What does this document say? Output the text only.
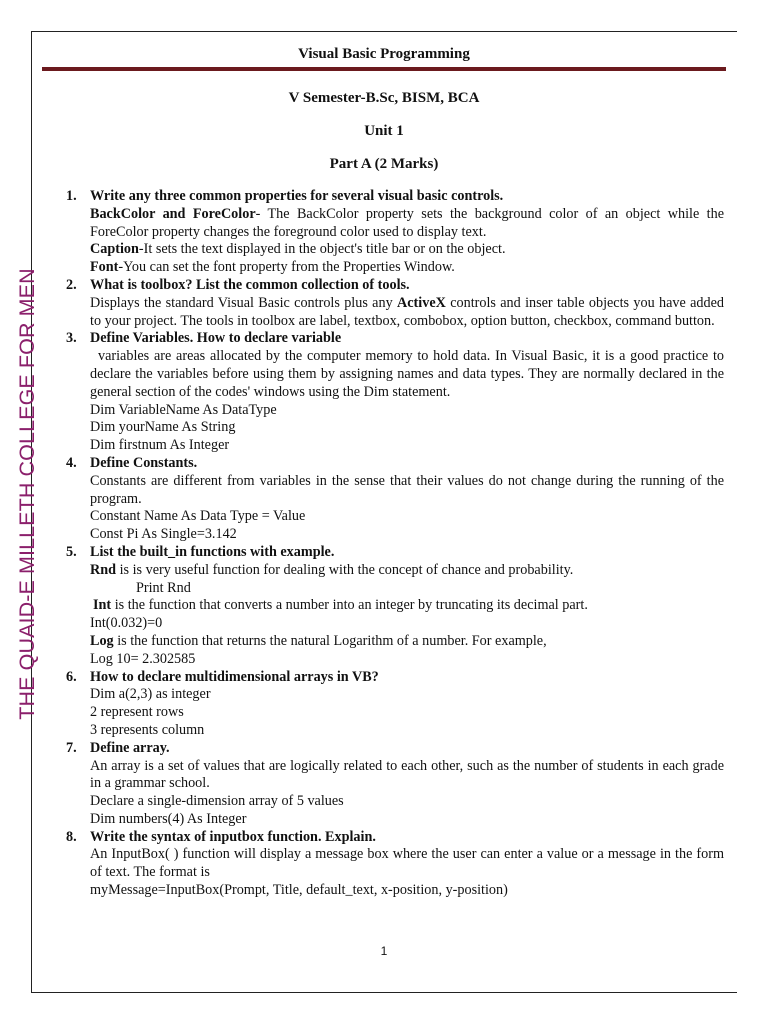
THE QUAID-E MILLETH COLLEGE FOR MEN
Visual Basic Programming
V Semester-B.Sc, BISM, BCA
Unit 1
Part A (2 Marks)
1. Write any three common properties for several visual basic controls.
BackColor and ForeColor- The BackColor property sets the background color of an object while the ForeColor property changes the foreground color used to display text.
Caption-It sets the text displayed in the object's title bar or on the object.
Font-You can set the font property from the Properties Window.
2. What is toolbox? List the common collection of tools.
Displays the standard Visual Basic controls plus any ActiveX controls and inser table objects you have added to your project. The tools in toolbox are label, textbox, combobox, option button, checkbox, command button.
3. Define Variables. How to declare variable
variables are areas allocated by the computer memory to hold data. In Visual Basic, it is a good practice to declare the variables before using them by assigning names and data types. They are normally declared in the general section of the codes' windows using the Dim statement.
Dim VariableName As DataType
Dim yourName As String
Dim firstnum As Integer
4. Define Constants.
Constants are different from variables in the sense that their values do not change during the running of the program.
Constant Name As Data Type = Value
Const Pi As Single=3.142
5. List the built_in functions with example.
Rnd is is very useful function for dealing with the concept of chance and probability.
Print Rnd
Int is the function that converts a number into an integer by truncating its decimal part.
Int(0.032)=0
Log is the function that returns the natural Logarithm of a number. For example,
Log 10= 2.302585
6. How to declare multidimensional arrays in VB?
Dim a(2,3) as integer
2 represent rows
3 represents column
7. Define array.
An array is a set of values that are logically related to each other, such as the number of students in each grade in a grammar school.
Declare a single-dimension array of 5 values
Dim numbers(4) As Integer
8. Write the syntax of inputbox function. Explain.
An InputBox( ) function will display a message box where the user can enter a value or a message in the form of text. The format is
myMessage=InputBox(Prompt, Title, default_text, x-position, y-position)
1
